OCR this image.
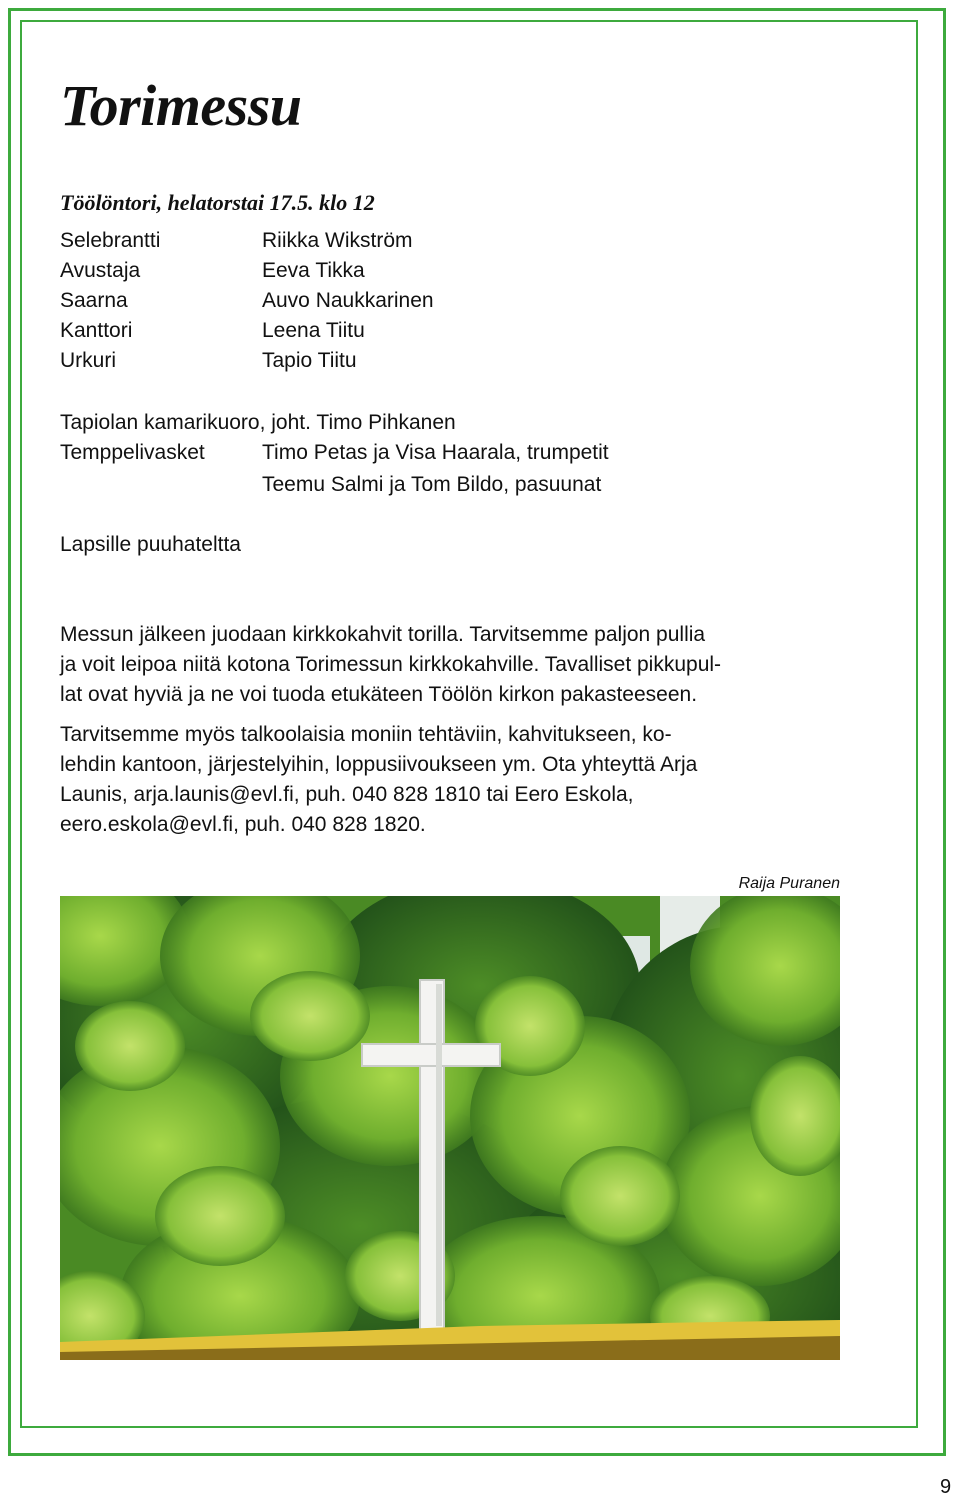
Torimessu

Töölöntori, helatorstai 17.5. klo 12

Selebrantti	Riikka Wikström
Avustaja	Eeva Tikka
Saarna	Auvo Naukkarinen
Kanttori	Leena Tiitu
Urkuri	Tapio Tiitu
Tapiolan kamarikuoro, joht. Timo Pihkanen
Temppelivasket	Timo Petas ja Visa Haarala, trumpetit
Teemu Salmi ja Tom Bildo, pasuunat
Lapsille puuhateltta
Messun jälkeen juodaan kirkkokahvit torilla. Tarvitsemme paljon pullia
ja voit leipoa niitä kotona Torimessun kirkkokahville. Tavalliset pikkupul-
lat ovat hyviä ja ne voi tuoda etukäteen Töölön kirkon pakasteeseen.
Tarvitsemme myös talkoolaisia moniin tehtäviin, kahvitukseen, ko-
lehdin kantoon, järjestelyihin, loppusiivoukseen ym. Ota yhteyttä Arja
Launis, arja.launis@evl.fi, puh. 040 828 1810 tai Eero Eskola,
eero.eskola@evl.fi, puh. 040 828 1820.
Raija Puranen
9
